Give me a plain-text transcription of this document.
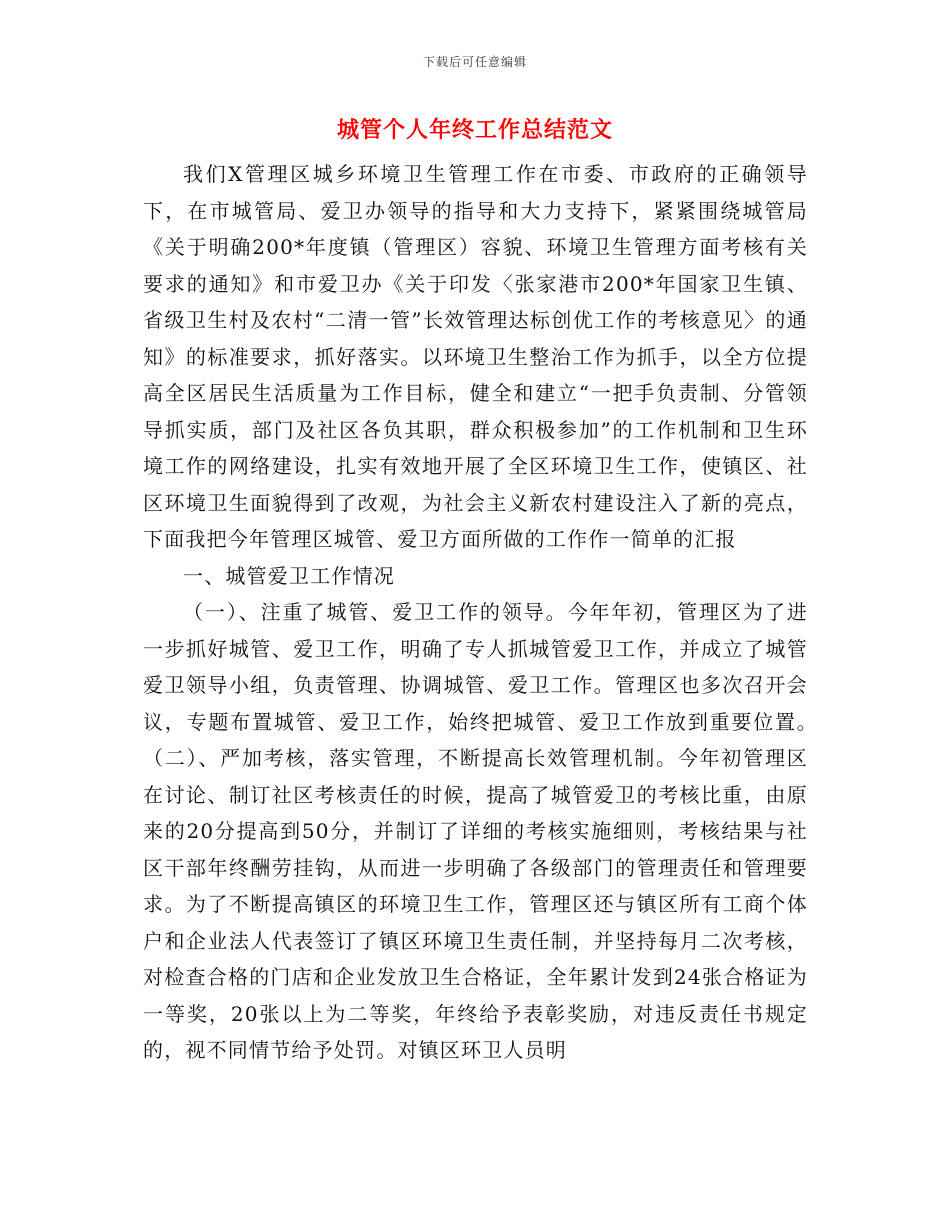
下载后可任意编辑
城管个人年终工作总结范文

我们X管理区城乡环境卫生管理工作在市委、市政府的正确领导下，在市城管局、爱卫办领导的指导和大力支持下，紧紧围绕城管局《关于明确200*年度镇（管理区）容貌、环境卫生管理方面考核有关要求的通知》和市爱卫办《关于印发〈张家港市200*年国家卫生镇、省级卫生村及农村“二清一管”长效管理达标创优工作的考核意见〉的通知》的标准要求，抓好落实。以环境卫生整治工作为抓手，以全方位提高全区居民生活质量为工作目标，健全和建立“一把手负责制、分管领导抓实质，部门及社区各负其职，群众积极参加”的工作机制和卫生环境工作的网络建设，扎实有效地开展了全区环境卫生工作，使镇区、社区环境卫生面貌得到了改观，为社会主义新农村建设注入了新的亮点，下面我把今年管理区城管、爱卫方面所做的工作作一简单的汇报

一、城管爱卫工作情况

（一）、注重了城管、爱卫工作的领导。今年年初，管理区为了进一步抓好城管、爱卫工作，明确了专人抓城管爱卫工作，并成立了城管爱卫领导小组，负责管理、协调城管、爱卫工作。管理区也多次召开会议，专题布置城管、爱卫工作，始终把城管、爱卫工作放到重要位置。　（二）、严加考核，落实管理，不断提高长效管理机制。今年初管理区在讨论、制订社区考核责任的时候，提高了城管爱卫的考核比重，由原来的20分提高到50分，并制订了详细的考核实施细则，考核结果与社区干部年终酬劳挂钩，从而进一步明确了各级部门的管理责任和管理要求。为了不断提高镇区的环境卫生工作，管理区还与镇区所有工商个体户和企业法人代表签订了镇区环境卫生责任制，并坚持每月二次考核，对检查合格的门店和企业发放卫生合格证，全年累计发到24张合格证为一等奖，20张以上为二等奖，年终给予表彰奖励，对违反责任书规定的，视不同情节给予处罚。对镇区环卫人员明
